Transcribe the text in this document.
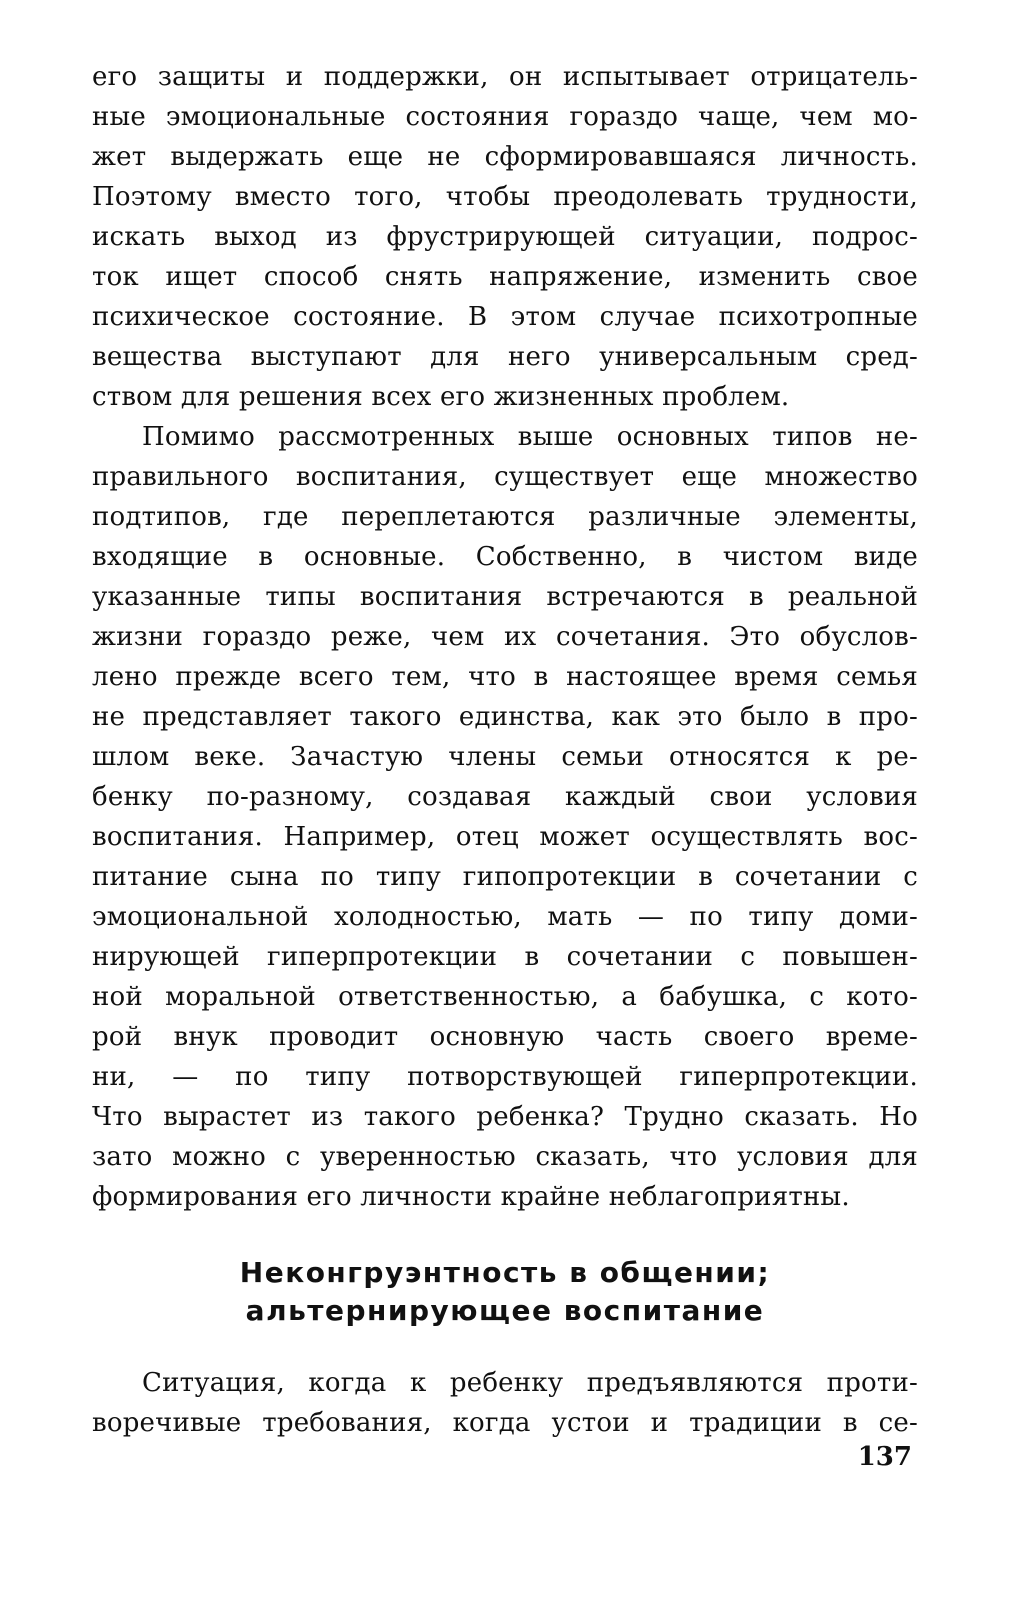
его защиты и поддержки, он испытывает отрицатель-
ные эмоциональные состояния гораздо чаще, чем мо-
жет выдержать еще не сформировавшаяся личность.
Поэтому вместо того, чтобы преодолевать трудности,
искать выход из фрустрирующей ситуации, подрос-
ток ищет способ снять напряжение, изменить свое
психическое состояние. В этом случае психотропные
вещества выступают для него универсальным сред-
ством для решения всех его жизненных проблем.
Помимо рассмотренных выше основных типов не-
правильного воспитания, существует еще множество
подтипов, где переплетаются различные элементы,
входящие в основные. Собственно, в чистом виде
указанные типы воспитания встречаются в реальной
жизни гораздо реже, чем их сочетания. Это обуслов-
лено прежде всего тем, что в настоящее время семья
не представляет такого единства, как это было в про-
шлом веке. Зачастую члены семьи относятся к ре-
бенку по-разному, создавая каждый свои условия
воспитания. Например, отец может осуществлять вос-
питание сына по типу гипопротекции в сочетании с
эмоциональной холодностью, мать — по типу доми-
нирующей гиперпротекции в сочетании с повышен-
ной моральной ответственностью, а бабушка, с кото-
рой внук проводит основную часть своего време-
ни, — по типу потворствующей гиперпротекции.
Что вырастет из такого ребенка? Трудно сказать. Но
зато можно с уверенностью сказать, что условия для
формирования его личности крайне неблагоприятны.
Неконгруэнтность в общении;
альтернирующее воспитание
Ситуация, когда к ребенку предъявляются проти-
воречивые требования, когда устои и традиции в се-
137
